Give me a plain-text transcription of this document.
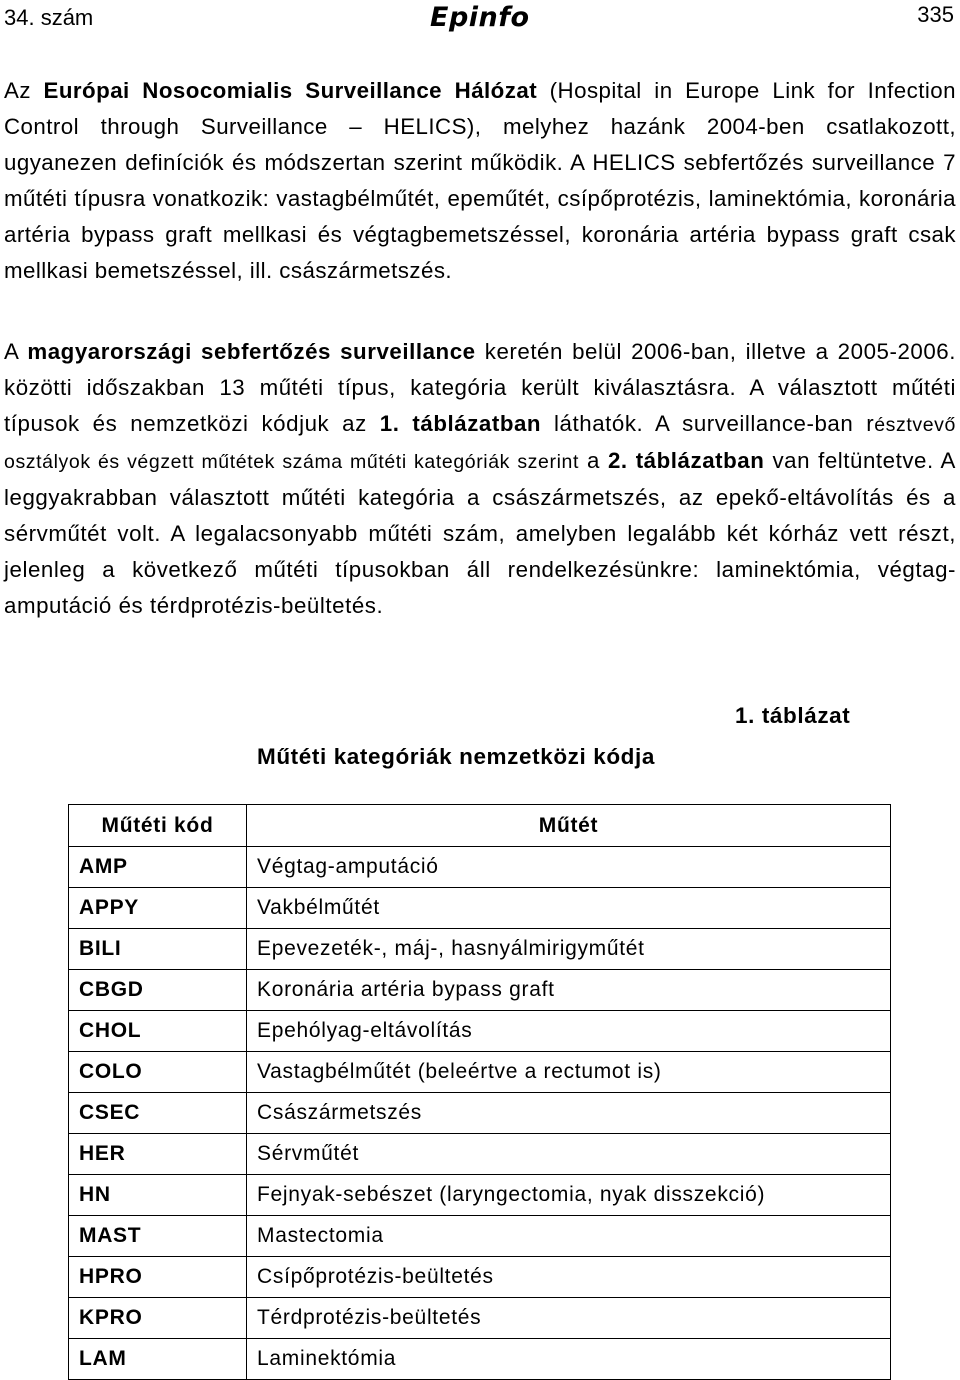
34. szám	Epinfo	335

Az Európai Nosocomialis Surveillance Hálózat (Hospital in Europe Link for Infection Control through Surveillance – HELICS), melyhez hazánk 2004-ben csatlakozott, ugyanezen definíciók és módszertan szerint működik. A HELICS sebfertőzés surveillance 7 műtéti típusra vonatkozik: vastagbélműtét, epeműtét, csípőprotézis, laminektómia, koronária artéria bypass graft mellkasi és végtagbemetszéssel, koronária artéria bypass graft csak mellkasi bemetszéssel, ill. császármetszés.

A magyarországi sebfertőzés surveillance keretén belül 2006-ban, illetve a 2005-2006. közötti időszakban 13 műtéti típus, kategória került kiválasztásra. A választott műtéti típusok és nemzetközi kódjuk az 1. táblázatban láthatók. A surveillance-ban résztvevő osztályok és végzett műtétek száma műtéti kategóriák szerint a 2. táblázatban van feltüntetve. A leggyakrabban választott műtéti kategória a császármetszés, az epekő-eltávolítás és a sérvműtét volt. A legalacsonyabb műtéti szám, amelyben legalább két kórház vett részt, jelenleg a következő műtéti típusokban áll rendelkezésünkre: laminektómia, végtag-amputáció és térdprotézis-beültetés.

1. táblázat
Műtéti kategóriák nemzetközi kódja
Műtéti kód	Műtét
AMP	Végtag-amputáció
APPY	Vakbélműtét
BILI	Epevezeték-, máj-, hasnyálmirigyműtét
CBGD	Koronária artéria bypass graft
CHOL	Epehólyag-eltávolítás
COLO	Vastagbélműtét (beleértve a rectumot is)
CSEC	Császármetszés
HER	Sérvműtét
HN	Fejnyak-sebészet (laryngectomia, nyak disszekció)
MAST	Mastectomia
HPRO	Csípőprotézis-beültetés
KPRO	Térdprotézis-beültetés
LAM	Laminektómia
